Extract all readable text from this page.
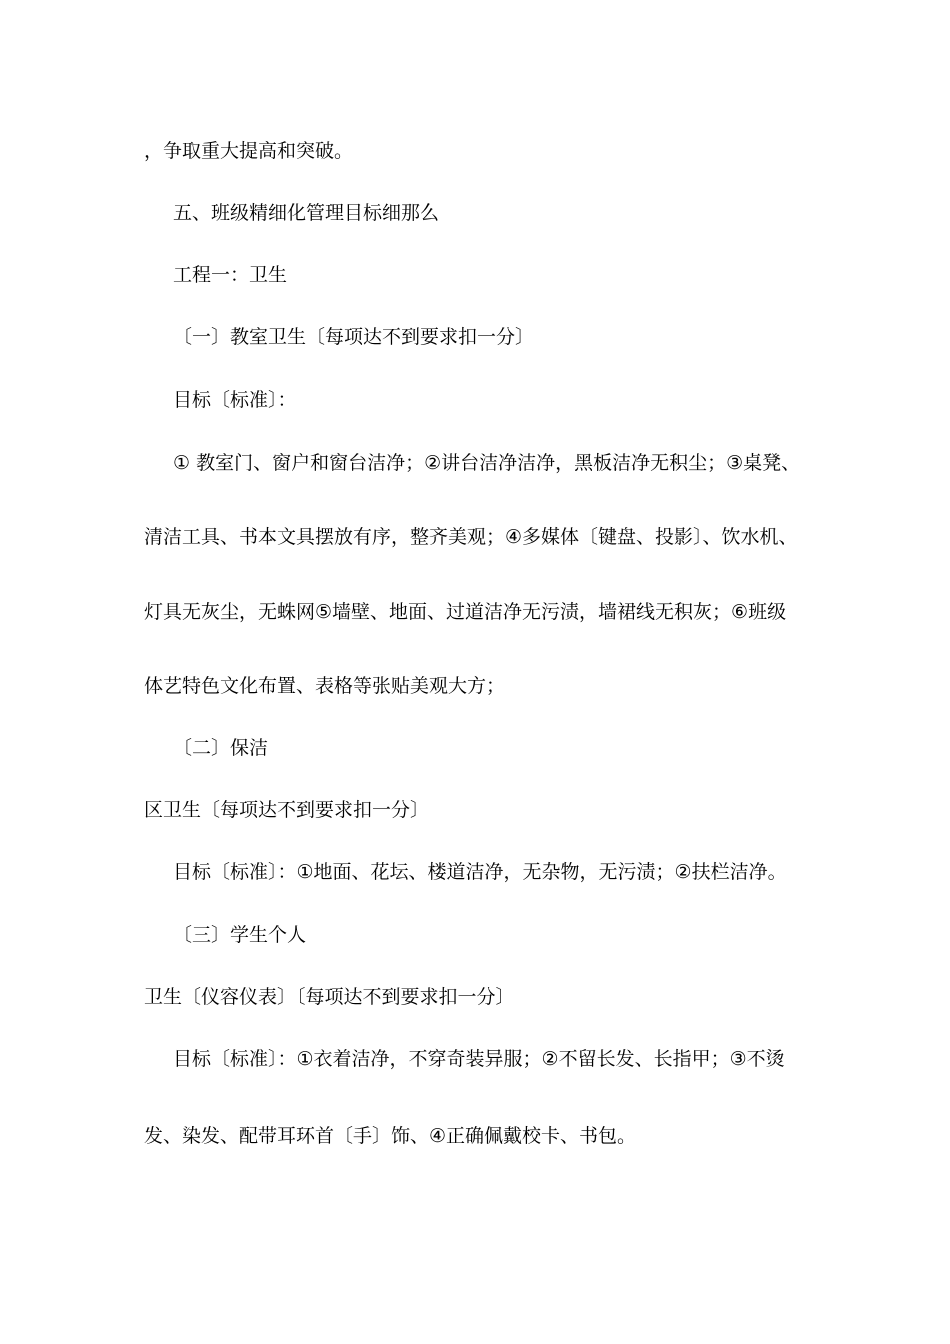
，争取重大提高和突破。
五、班级精细化管理目标细那么
工程一：卫生
〔一〕教室卫生〔每项达不到要求扣一分〕
目标〔标准〕：
① 教室门、窗户和窗台洁净；②讲台洁净洁净，黑板洁净无积尘；③桌凳、
清洁工具、书本文具摆放有序，整齐美观；④多媒体〔键盘、投影〕、饮水机、
灯具无灰尘，无蛛网⑤墙壁、地面、过道洁净无污渍，墙裙线无积灰；⑥班级
体艺特色文化布置、表格等张贴美观大方；
〔二〕保洁
区卫生〔每项达不到要求扣一分〕
目标〔标准〕：①地面、花坛、楼道洁净，无杂物，无污渍；②扶栏洁净。
〔三〕学生个人
卫生〔仪容仪表〕〔每项达不到要求扣一分〕
目标〔标准〕：①衣着洁净，不穿奇装异服；②不留长发、长指甲；③不烫
发、染发、配带耳环首〔手〕饰、④正确佩戴校卡、书包。
